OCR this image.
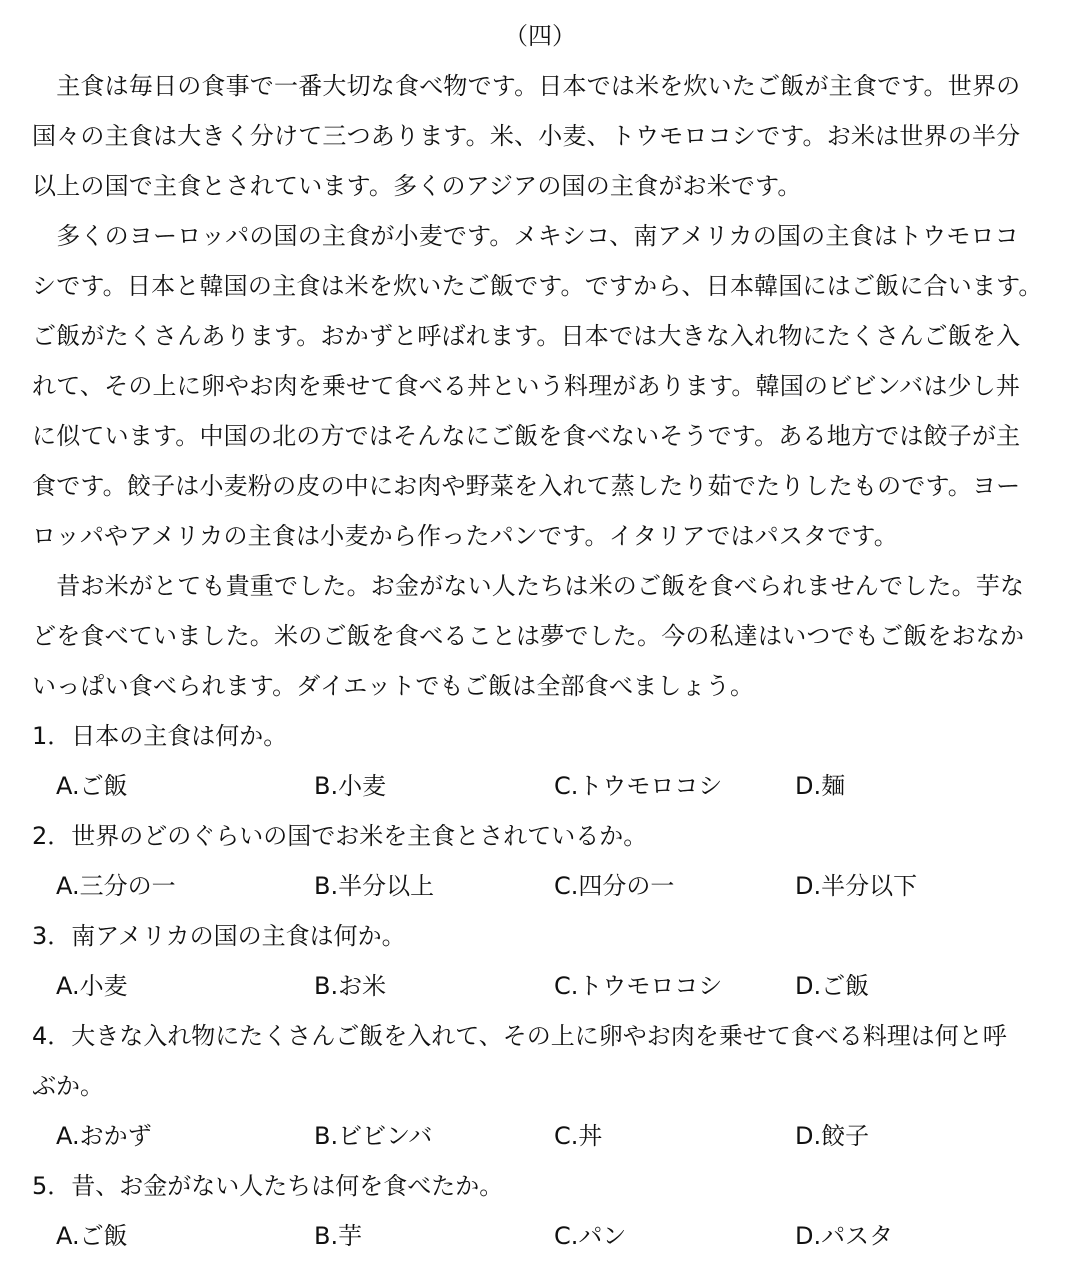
（四）
　主食は毎日の食事で一番大切な食べ物です。日本では米を炊いたご飯が主食です。世界の
国々の主食は大きく分けて三つあります。米、小麦、トウモロコシです。お米は世界の半分
以上の国で主食とされています。多くのアジアの国の主食がお米です。
　多くのヨーロッパの国の主食が小麦です。メキシコ、南アメリカの国の主食はトウモロコ
シです。日本と韓国の主食は米を炊いたご飯です。ですから、日本韓国にはご飯に合います。
ご飯がたくさんあります。おかずと呼ばれます。日本では大きな入れ物にたくさんご飯を入
れて、その上に卵やお肉を乗せて食べる丼という料理があります。韓国のビビンバは少し丼
に似ています。中国の北の方ではそんなにご飯を食べないそうです。ある地方では餃子が主
食です。餃子は小麦粉の皮の中にお肉や野菜を入れて蒸したり茹でたりしたものです。ヨー
ロッパやアメリカの主食は小麦から作ったパンです。イタリアではパスタです。
　昔お米がとても貴重でした。お金がない人たちは米のご飯を食べられませんでした。芋な
どを食べていました。米のご飯を食べることは夢でした。今の私達はいつでもご飯をおなか
いっぱい食べられます。ダイエットでもご飯は全部食べましょう。
1．日本の主食は何か。
A.ご飯	B.小麦	C.トウモロコシ	D.麺
2．世界のどのぐらいの国でお米を主食とされているか。
A.三分の一	B.半分以上	C.四分の一	D.半分以下
3．南アメリカの国の主食は何か。
A.小麦	B.お米	C.トウモロコシ	D.ご飯
4．大きな入れ物にたくさんご飯を入れて、その上に卵やお肉を乗せて食べる料理は何と呼
ぶか。
A.おかず	B.ビビンバ	C.丼	D.餃子
5．昔、お金がない人たちは何を食べたか。
A.ご飯	B.芋	C.パン	D.パスタ
